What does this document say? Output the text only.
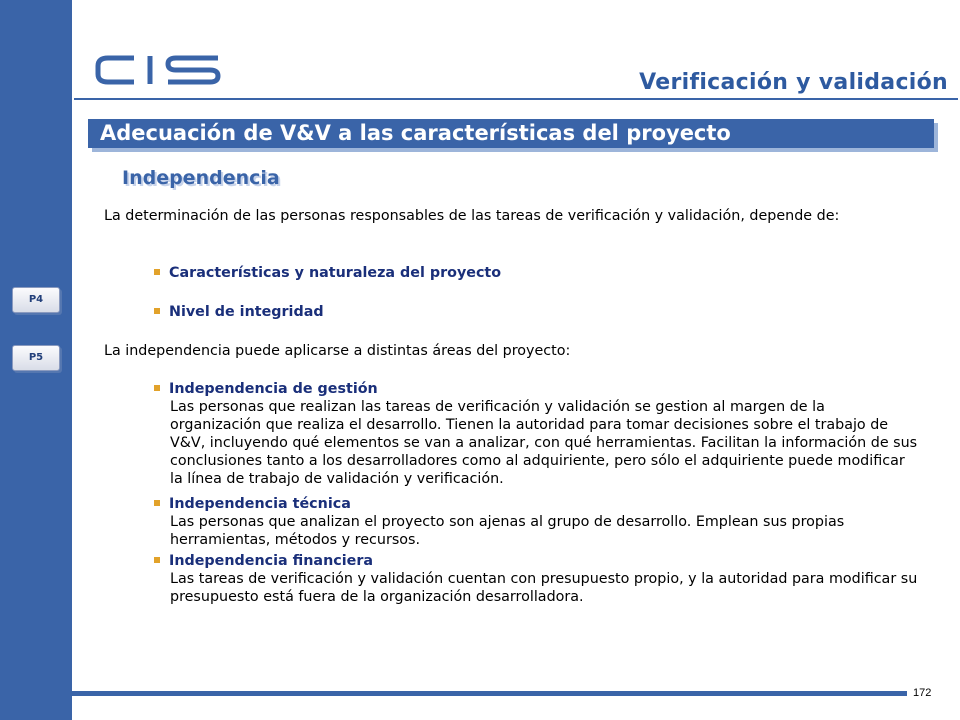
Verificación y validación
Adecuación de V&V a las características del proyecto
Independencia
P4
P5

La determinación de las personas responsables de las tareas de verificación y validación, depende de:

Características y naturaleza del proyecto
Nivel de integridad

La independencia puede aplicarse a distintas áreas del proyecto:

Independencia de gestión
Las personas que realizan las tareas de verificación y validación se gestion al margen de la organización que realiza el desarrollo. Tienen la autoridad para tomar decisiones sobre el trabajo de V&V, incluyendo qué elementos se van a analizar, con qué herramientas. Facilitan la información de sus conclusiones tanto a los desarrolladores como al adquiriente, pero sólo el adquiriente puede modificar la línea de trabajo de validación y verificación.
Independencia técnica
Las personas que analizan el proyecto son ajenas al grupo de desarrollo. Emplean sus propias herramientas, métodos y recursos.
Independencia financiera
Las tareas de verificación y validación cuentan con presupuesto propio, y la autoridad para modificar su presupuesto está fuera de la organización desarrolladora.
172
